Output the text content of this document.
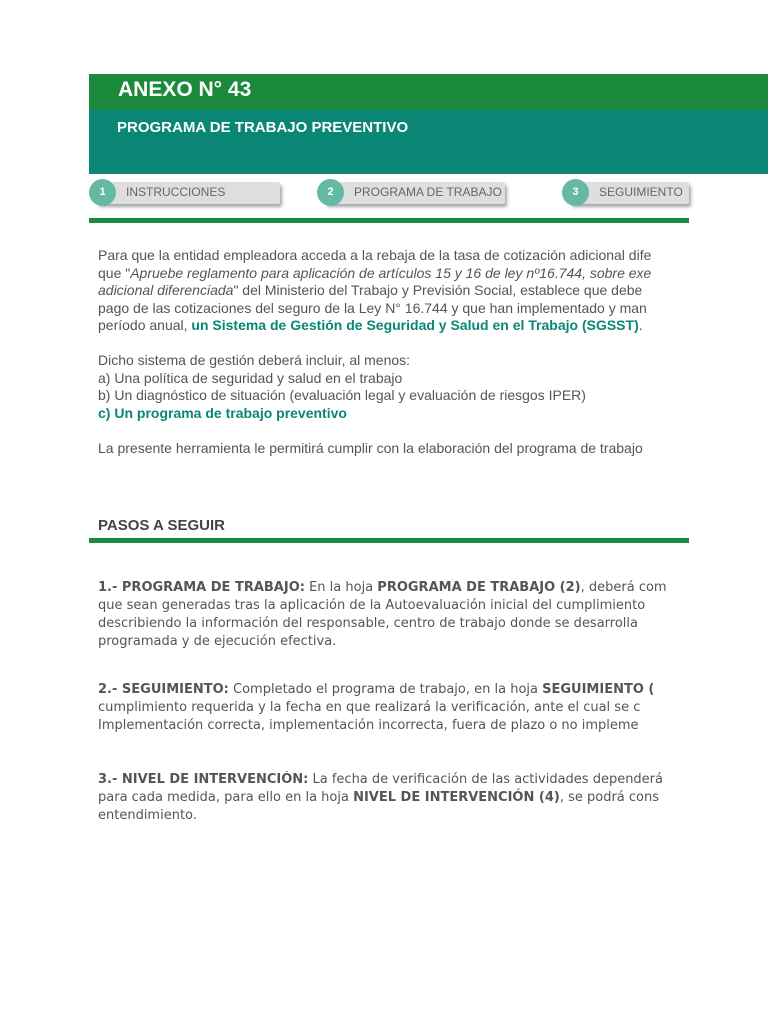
ANEXO N° 43
PROGRAMA DE TRABAJO PREVENTIVO
1	INSTRUCCIONES	2	PROGRAMA DE TRABAJO	3	SEGUIMIENTO

Para que la entidad empleadora acceda a la rebaja de la tasa de cotización adicional dife

que "Apruebe reglamento para aplicación de artículos 15 y 16 de ley nº16.744, sobre exe

adicional diferenciada" del Ministerio del Trabajo y Previsión Social, establece que debe

pago de las cotizaciones del seguro de la Ley N° 16.744 y que han implementado y man

período anual, un Sistema de Gestión de Seguridad y Salud en el Trabajo (SGSST).

Dicho sistema de gestión deberá incluir, al menos:

a) Una política de seguridad y salud en el trabajo

b) Un diagnóstico de situación (evaluación legal y evaluación de riesgos IPER)

c) Un programa de trabajo preventivo

La presente herramienta le permitirá cumplir con la elaboración del programa de trabajo

PASOS A SEGUIR

1.- PROGRAMA DE TRABAJO: En la hoja PROGRAMA DE TRABAJO (2), deberá com

que sean generadas tras la aplicación de la Autoevaluación inicial del cumplimiento

describiendo la información del responsable, centro de trabajo donde se desarrolla

programada y de ejecución efectiva.

2.- SEGUIMIENTO: Completado el programa de trabajo, en la hoja SEGUIMIENTO (

cumplimiento requerida y la fecha en que realizará la verificación, ante el cual se c

Implementación correcta, implementación incorrecta, fuera de plazo o no impleme

3.- NIVEL DE INTERVENCIÓN: La fecha de verificación de las actividades dependerá

para cada medida, para ello en la hoja NIVEL DE INTERVENCIÓN (4), se podrá cons

entendimiento.
